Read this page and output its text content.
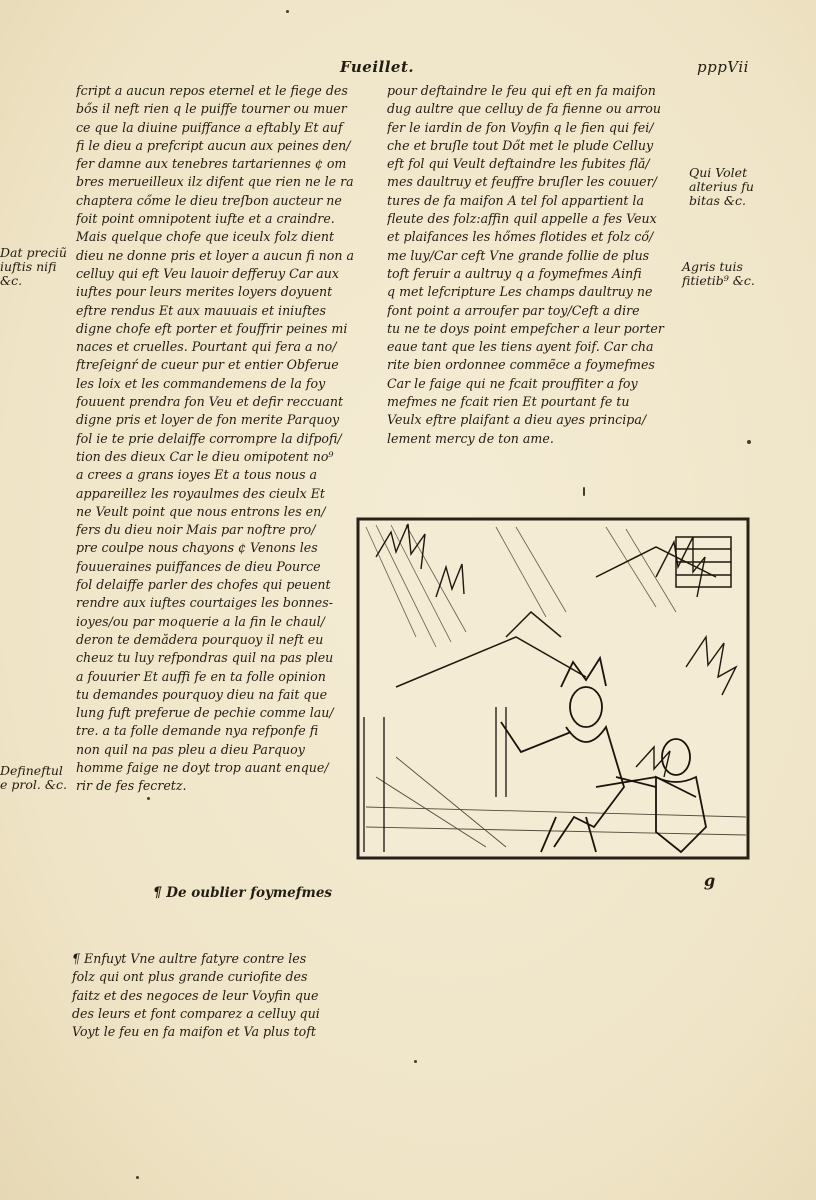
Fueillet.	pppVii
fcript a aucun repos eternel et le fiege des
bős il neft rien q le puiffe tourner ou muer
ce que la diuine puiffance a eftably Et auf
fi le dieu a prefcript aucun aux peines den/
fer damne aux tenebres tartariennes ¢ om
bres merueilleux ilz difent que rien ne le ra
chaptera cőme le dieu treſbon aucteur ne
foit point omnipotent iufte et a craindre.
Mais quelque chofe que iceulx folz dient
dieu ne donne pris et loyer a aucun fi non a
celluy qui eft Veu lauoir defferuy Car aux
iuftes pour leurs merites loyers doyuent
eftre rendus Et aux mauuais et iniuftes
digne chofe eft porter et fouffrir peines mi
naces et cruelles. Pourtant qui fera a no/
ftreſeignŕ de cueur pur et entier Obferue
les loix et les commandemens de la foy
fouuent prendra fon Veu et defir reccuant
digne pris et loyer de fon merite Parquoy
fol ie te prie delaiffe corrompre la difpofi/
tion des dieux Car le dieu omipotent no⁹
a crees a grans ioyes Et a tous nous a
appareillez les royaulmes des cieulx Et
ne Veult point que nous entrons les en/
fers du dieu noir Mais par noftre pro/
pre coulpe nous chayons ¢ Venons les
fouueraines puiffances de dieu Pource
fol delaiffe parler des chofes qui peuent
rendre aux iuftes courtaiges les bonnes-
ioyes/ou par moquerie a la fin le chaul/
deron te demădera pourquoy il neft eu
cheuz tu luy refpondras quil na pas pleu
a fouurier Et auffi fe en ta folle opinion
tu demandes pourquoy dieu na fait que
lung fuft preferue de pechie comme lau/
tre. a ta folle demande nya refponfe fi
non quil na pas pleu a dieu Parquoy
homme faige ne doyt trop auant enque/
rir de fes fecretz.
pour deftaindre le feu qui eft en fa maifon
dug aultre que celluy de fa fienne ou arrou
fer le iardin de fon Voyfin q le fien qui fei/
che et bruſle tout Dőt met le plude Celluy
eft fol qui Veult deftaindre les fubites flă/
mes daultruy et feuffre bruſler les couuer/
tures de fa maifon A tel fol appartient la
fleute des folz:affin quil appelle a fes Veux
et plaifances les hőmes flotides et folz cő/
me luy/Car ceft Vne grande follie de plus
toft feruir a aultruy q a foymefmes Ainfi
q met lefcripture Les champs daultruy ne
font point a arroufer par toy/Ceft a dire
tu ne te doys point empefcher a leur porter
eaue tant que les tiens ayent foif. Car cha
rite bien ordonnee commẽce a foymefmes
Car le faige qui ne fcait prouffiter a foy
mefmes ne fcait rien Et pourtant fe tu
Veulx eftre plaifant a dieu ayes principa/
lement mercy de ton ame.
Dat preciũ
iuftis nifi
&c.
Defineftul
e prol. &c.
Qui Volet
alterius fu
bitas &c.
Agris tuis
fitietib⁹ &c.
¶ De oublier foymefmes
¶ Enfuyt Vne aultre fatyre contre les
folz qui ont plus grande curiofite des
faitz et des negoces de leur Voyfin que
des leurs et font comparez a celluy qui
Voyt le feu en fa maifon et Va plus toft
g
